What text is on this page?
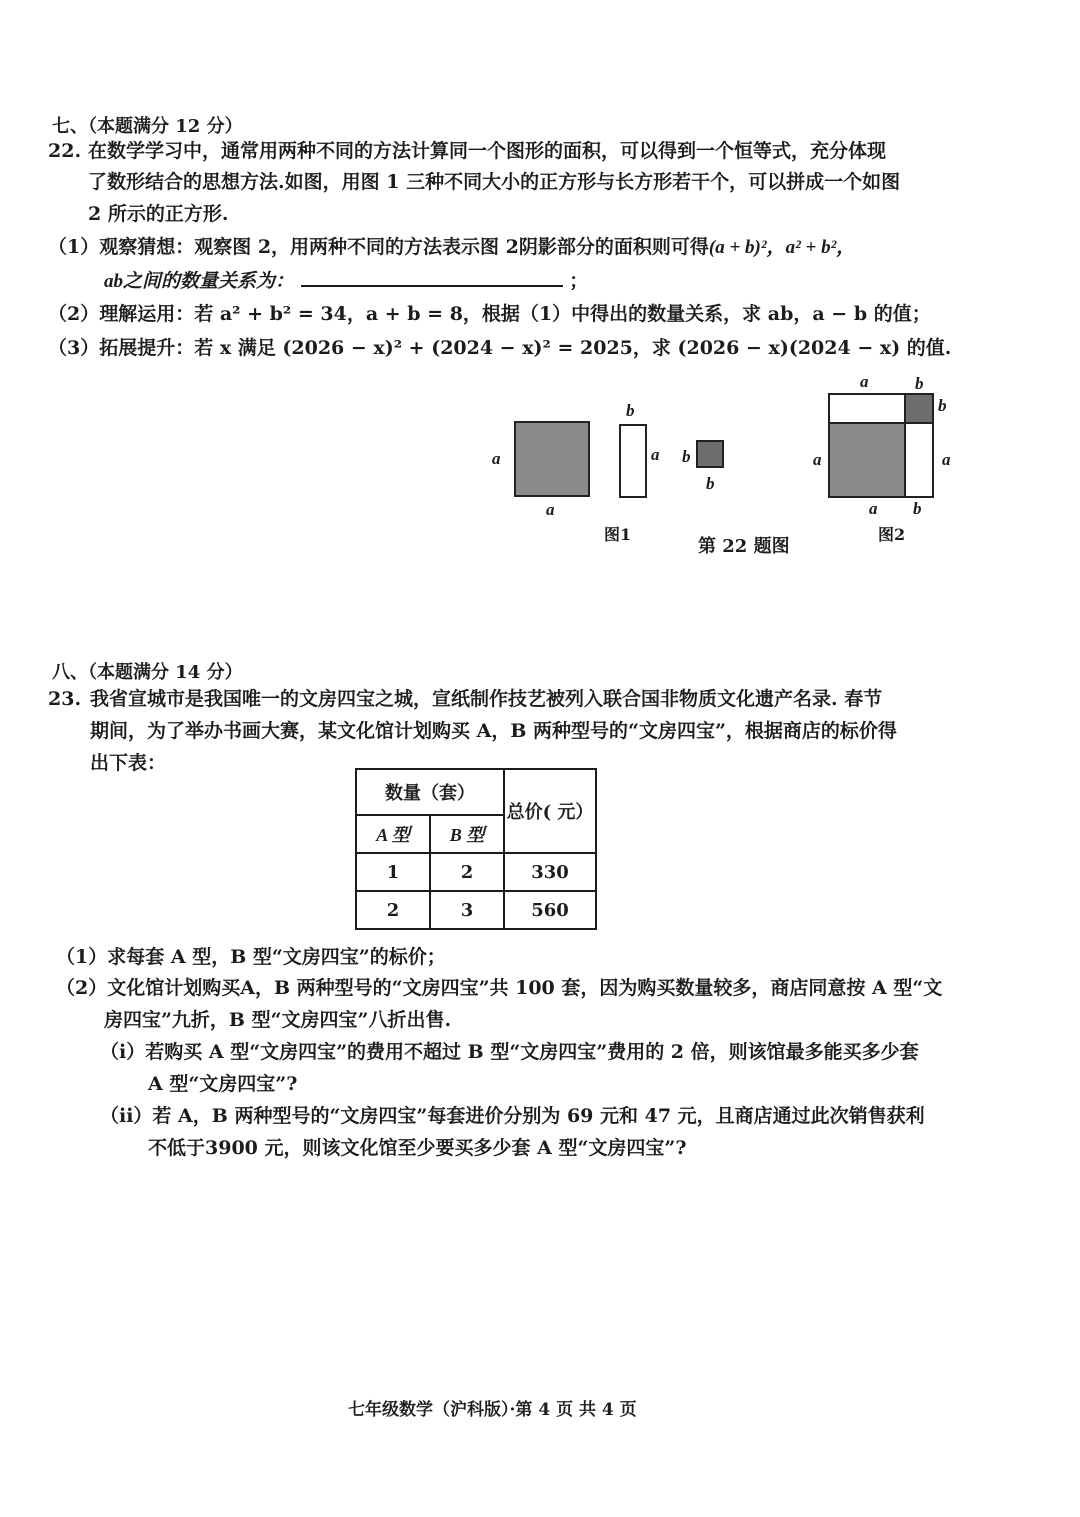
七、（本题满分 12 分）
22. 在数学学习中，通常用两种不同的方法计算同一个图形的面积，可以得到一个恒等式，充分体现
了数形结合的思想方法.如图，用图 1 三种不同大小的正方形与长方形若干个，可以拼成一个如图
2 所示的正方形.
（1）观察猜想：观察图 2，用两种不同的方法表示图 2阴影部分的面积则可得(a + b)²，a² + b²，
ab之间的数量关系为：	；
（2）理解运用：若 a² + b² = 34，a + b = 8，根据（1）中得出的数量关系，求 ab，a − b 的值；
（3）拓展提升：若 x 满足 (2026 − x)² + (2024 − x)² = 2025，求 (2026 − x)(2024 − x) 的值.
a
a
b
a b
b
图1
第 22 题图
a	b
b
a
a
a b
图2
八、（本题满分 14 分）
23. 我省宣城市是我国唯一的文房四宝之城，宣纸制作技艺被列入联合国非物质文化遗产名录. 春节
期间，为了举办书画大赛，某文化馆计划购买 A，B 两种型号的“文房四宝”，根据商店的标价得
出下表：
数量（套）		总价( 元）
A 型	B 型	
1	2	330
2	3	560
（1）求每套 A 型，B 型“文房四宝”的标价；
（2）文化馆计划购买A，B 两种型号的“文房四宝”共 100 套，因为购买数量较多，商店同意按 A 型“文
房四宝”九折，B 型“文房四宝”八折出售.
（i）若购买 A 型“文房四宝”的费用不超过 B 型“文房四宝”费用的 2 倍，则该馆最多能买多少套
A 型“文房四宝”?
（ii）若 A，B 两种型号的“文房四宝”每套进价分别为 69 元和 47 元，且商店通过此次销售获利
不低于3900 元，则该文化馆至少要买多少套 A 型“文房四宝”?
七年级数学（沪科版）·第 4 页 共 4 页
